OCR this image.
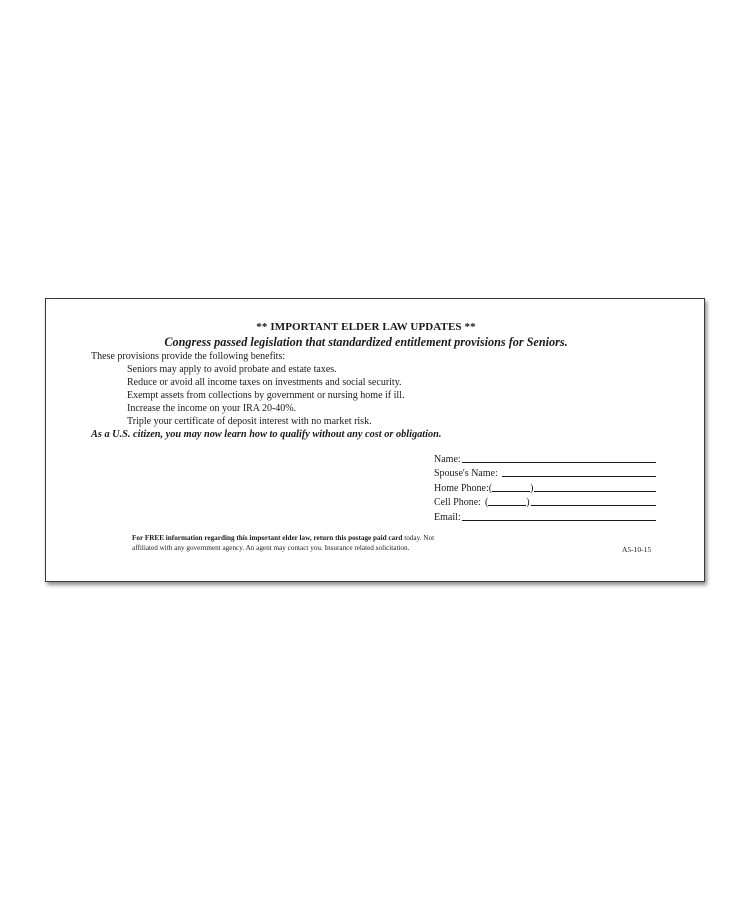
** IMPORTANT ELDER LAW UPDATES **
Congress passed legislation that standardized entitlement provisions for Seniors.
These provisions provide the following benefits:
Seniors may apply to avoid probate and estate taxes.
Reduce or avoid all income taxes on investments and social security.
Exempt assets from collections by government or nursing home if ill.
Increase the income on your IRA 20-40%.
Triple your certificate of deposit interest with no market risk.
As a U.S. citizen, you may now learn how to qualify without any cost or obligation.
Name:
Spouse's Name:
Home Phone: (	)
Cell Phone: (	)
Email:
For FREE information regarding this important elder law, return this postage paid card today. Not affiliated with any government agency. An agent may contact you. Insurance related solicitation.	A5-10-15
